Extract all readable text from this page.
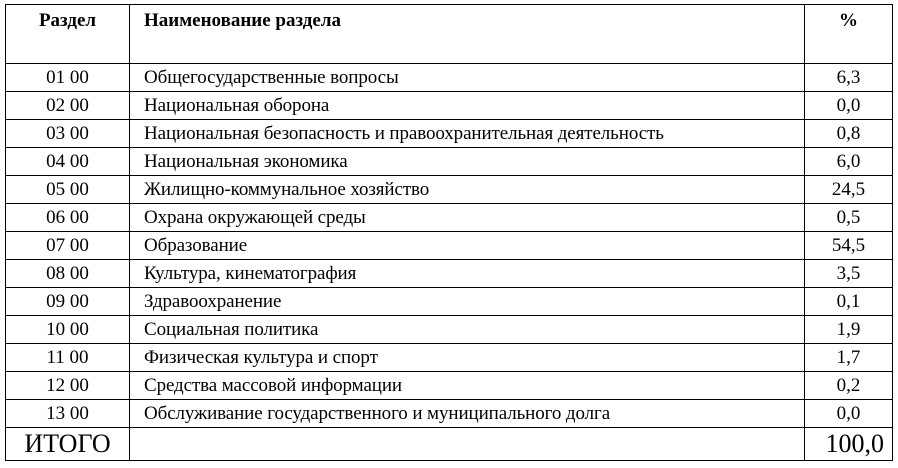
Раздел	Наименование раздела	%
01 00	Общегосударственные вопросы	6,3
02 00	Национальная оборона	0,0
03 00	Национальная безопасность и правоохранительная деятельность	0,8
04 00	Национальная экономика	6,0
05 00	Жилищно-коммунальное хозяйство	24,5
06 00	Охрана окружающей среды	0,5
07 00	Образование	54,5
08 00	Культура, кинематография	3,5
09 00	Здравоохранение	0,1
10 00	Социальная политика	1,9
11 00	Физическая культура и спорт	1,7
12 00	Средства массовой информации	0,2
13 00	Обслуживание государственного и муниципального долга	0,0
ИТОГО		100,0
